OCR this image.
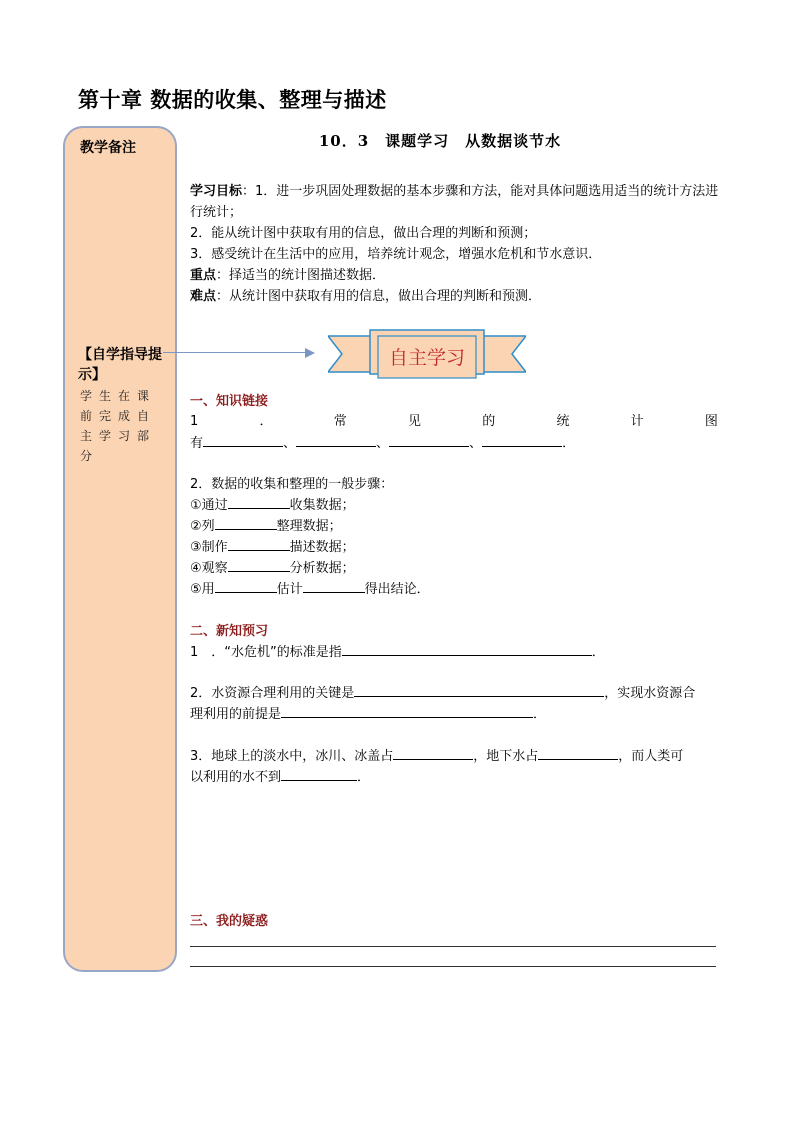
第十章 数据的收集、整理与描述
教学备注
【自学指导提示】
学生在课前完成自主学习部分
10．3　课题学习　从数据谈节水
学习目标：1．进一步巩固处理数据的基本步骤和方法，能对具体问题选用适当的统计方法进行统计；
2．能从统计图中获取有用的信息，做出合理的判断和预测；
3．感受统计在生活中的应用，培养统计观念，增强水危机和节水意识．
重点：择适当的统计图描述数据．
难点：从统计图中获取有用的信息，做出合理的判断和预测．
自主学习
一、知识链接
1	．	常	见	的	统	计	图
有	、	、	、	．
2．数据的收集和整理的一般步骤：
①通过	收集数据；
②列	整理数据；
③制作	描述数据；
④观察	分析数据；
⑤用	估计	得出结论．
二、新知预习
1　．“水危机”的标准是指	．
2．水资源合理利用的关键是	，实现水资源合
理利用的前提是	．
3．地球上的淡水中，冰川、冰盖占	，地下水占	，而人类可
以利用的水不到	．
三、我的疑惑
